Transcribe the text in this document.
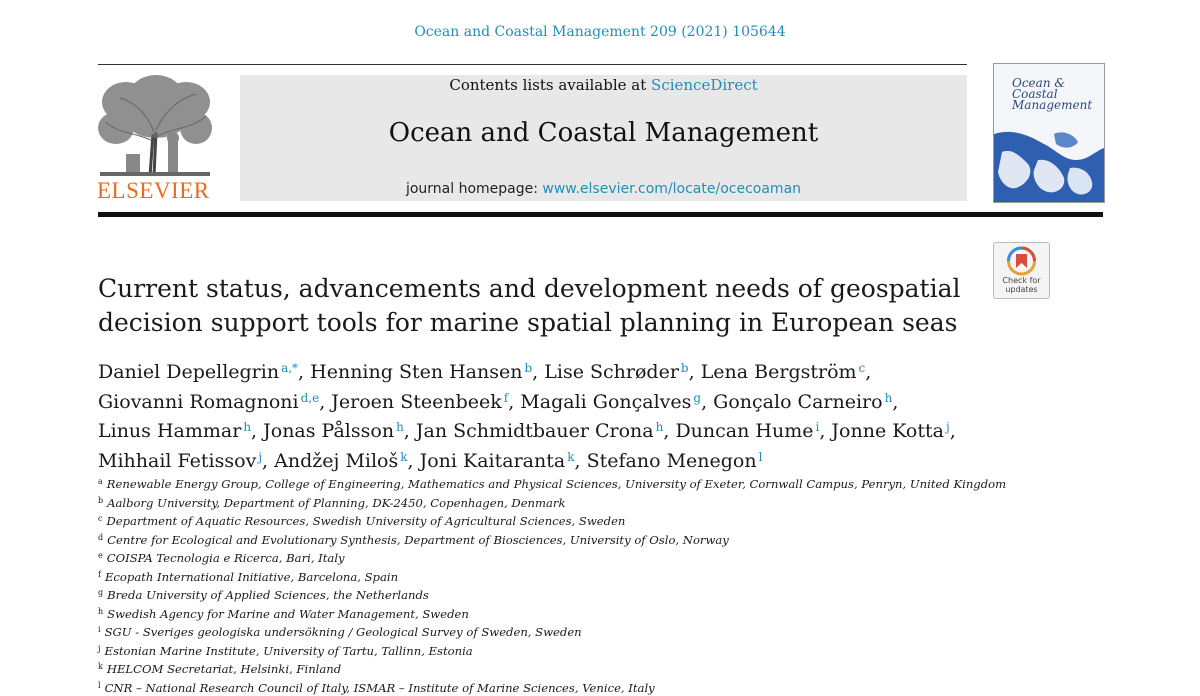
Ocean and Coastal Management 209 (2021) 105644
ELSEVIER
Contents lists available at ScienceDirect
Ocean and Coastal Management
journal homepage: www.elsevier.com/locate/ocecoaman
Ocean & Coastal Management
Check for
updates
Current status, advancements and development needs of geospatial decision support tools for marine spatial planning in European seas

Daniel Depellegrin $^{a,*}$, Henning Sten Hansen $^b$, Lise Schrøder $^b$, Lena Bergström $^c$,
Giovanni Romagnoni $^{d,e}$, Jeroen Steenbeek $^f$, Magali Gonçalves $^g$, Gonçalo Carneiro $^h$,
Linus Hammar $^h$, Jonas Pålsson $^h$, Jan Schmidtbauer Crona $^h$, Duncan Hume $^i$, Jonne Kotta $^j$,
Mihhail Fetissov $^j$, Andžej Miloš $^k$, Joni Kaitaranta $^k$, Stefano Menegon $^l$

$^a$ Renewable Energy Group, College of Engineering, Mathematics and Physical Sciences, University of Exeter, Cornwall Campus, Penryn, United Kingdom
$^b$ Aalborg University, Department of Planning, DK-2450, Copenhagen, Denmark
$^c$ Department of Aquatic Resources, Swedish University of Agricultural Sciences, Sweden
$^d$ Centre for Ecological and Evolutionary Synthesis, Department of Biosciences, University of Oslo, Norway
$^e$ COISPA Tecnologia e Ricerca, Bari, Italy
$^f$ Ecopath International Initiative, Barcelona, Spain
$^g$ Breda University of Applied Sciences, the Netherlands
$^h$ Swedish Agency for Marine and Water Management, Sweden
$^i$ SGU - Sveriges geologiska undersökning / Geological Survey of Sweden, Sweden
$^j$ Estonian Marine Institute, University of Tartu, Tallinn, Estonia
$^k$ HELCOM Secretariat, Helsinki, Finland
$^l$ CNR – National Research Council of Italy, ISMAR – Institute of Marine Sciences, Venice, Italy
